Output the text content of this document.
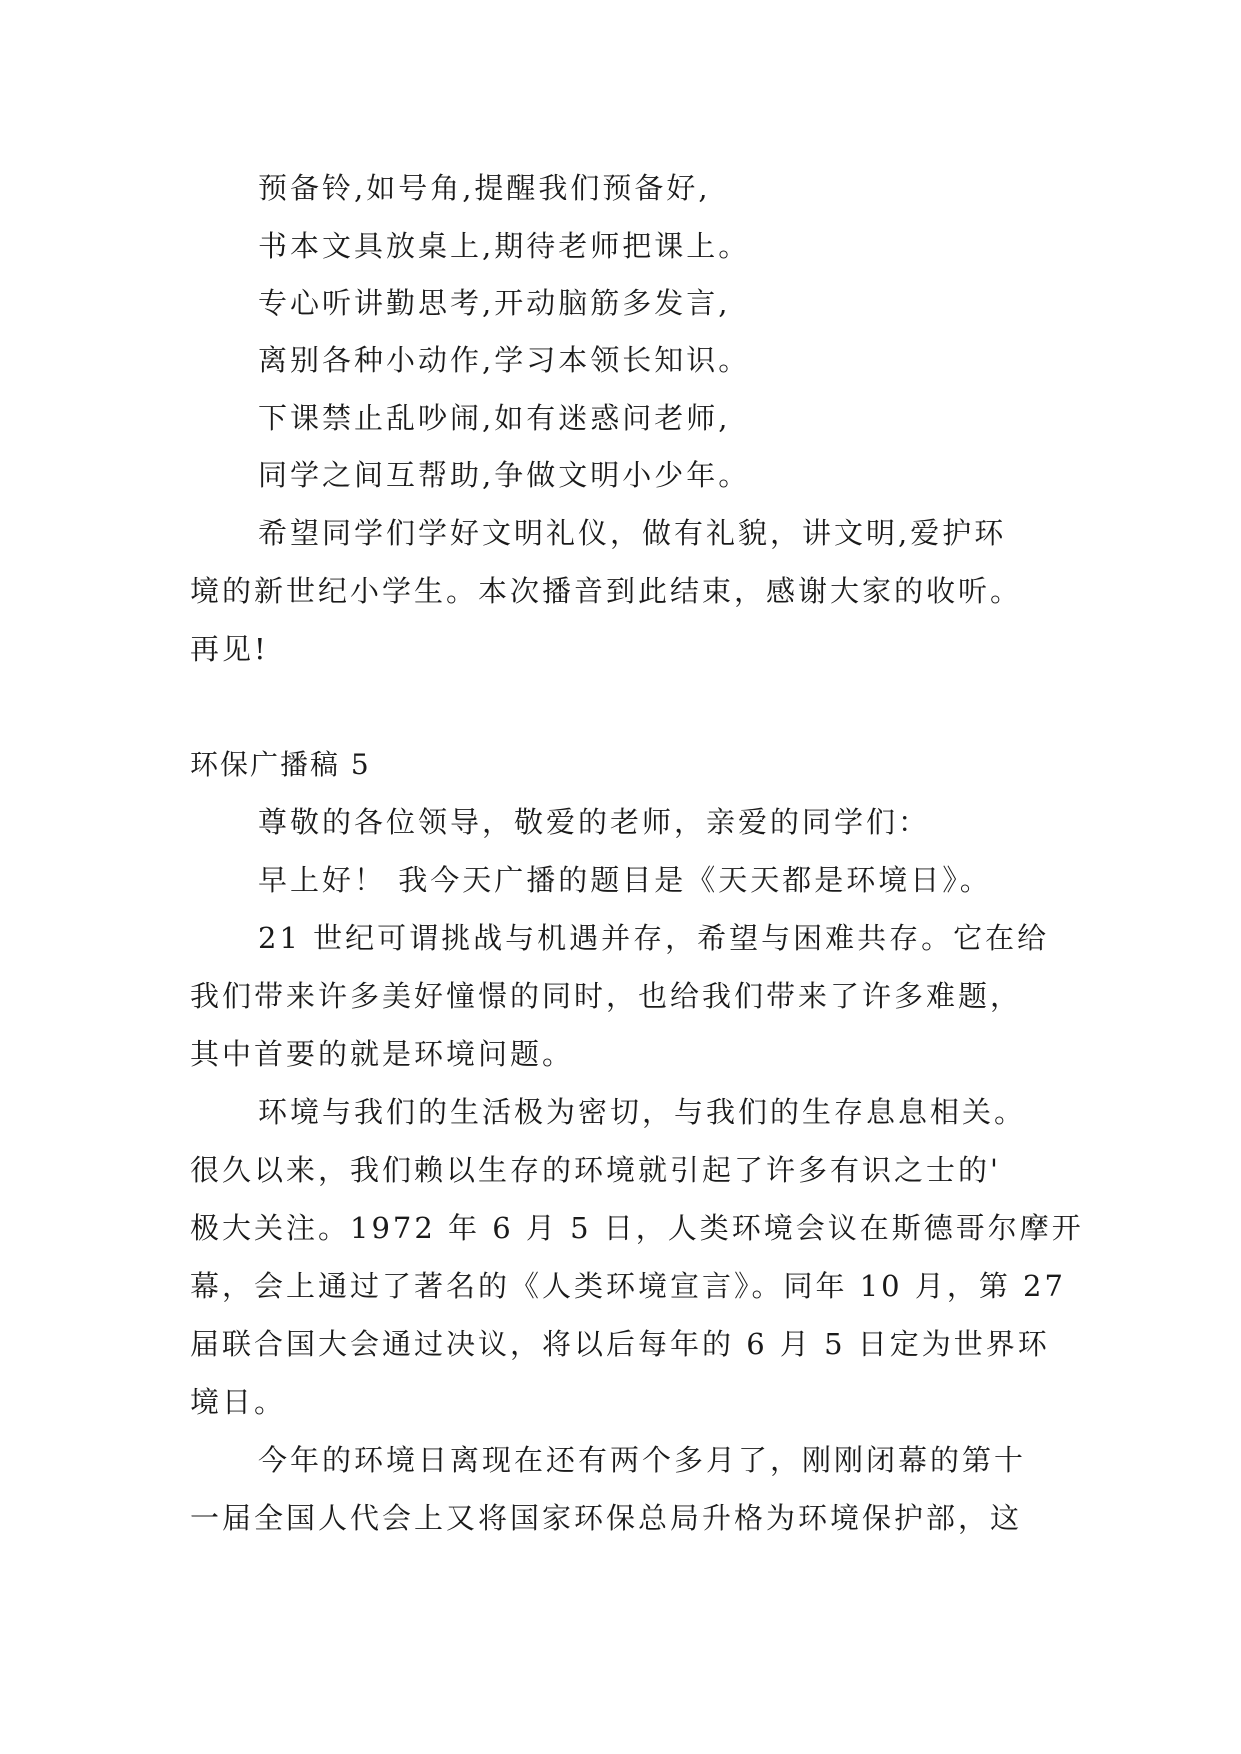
预备铃,如号角,提醒我们预备好,
书本文具放桌上,期待老师把课上。
专心听讲勤思考,开动脑筋多发言,
离别各种小动作,学习本领长知识。
下课禁止乱吵闹,如有迷惑问老师,
同学之间互帮助,争做文明小少年。
希望同学们学好文明礼仪，做有礼貌，讲文明,爱护环
境的新世纪小学生。本次播音到此结束，感谢大家的收听。
再见!
环保广播稿 5
尊敬的各位领导，敬爱的老师，亲爱的同学们：
早上好！ 我今天广播的题目是《天天都是环境日》。
21 世纪可谓挑战与机遇并存，希望与困难共存。它在给
我们带来许多美好憧憬的同时，也给我们带来了许多难题，
其中首要的就是环境问题。
环境与我们的生活极为密切，与我们的生存息息相关。
很久以来，我们赖以生存的环境就引起了许多有识之士的'
极大关注。1972 年 6 月 5 日，人类环境会议在斯德哥尔摩开
幕，会上通过了著名的《人类环境宣言》。同年 10 月，第 27
届联合国大会通过决议，将以后每年的 6 月 5 日定为世界环
境日。
今年的环境日离现在还有两个多月了，刚刚闭幕的第十
一届全国人代会上又将国家环保总局升格为环境保护部，这
